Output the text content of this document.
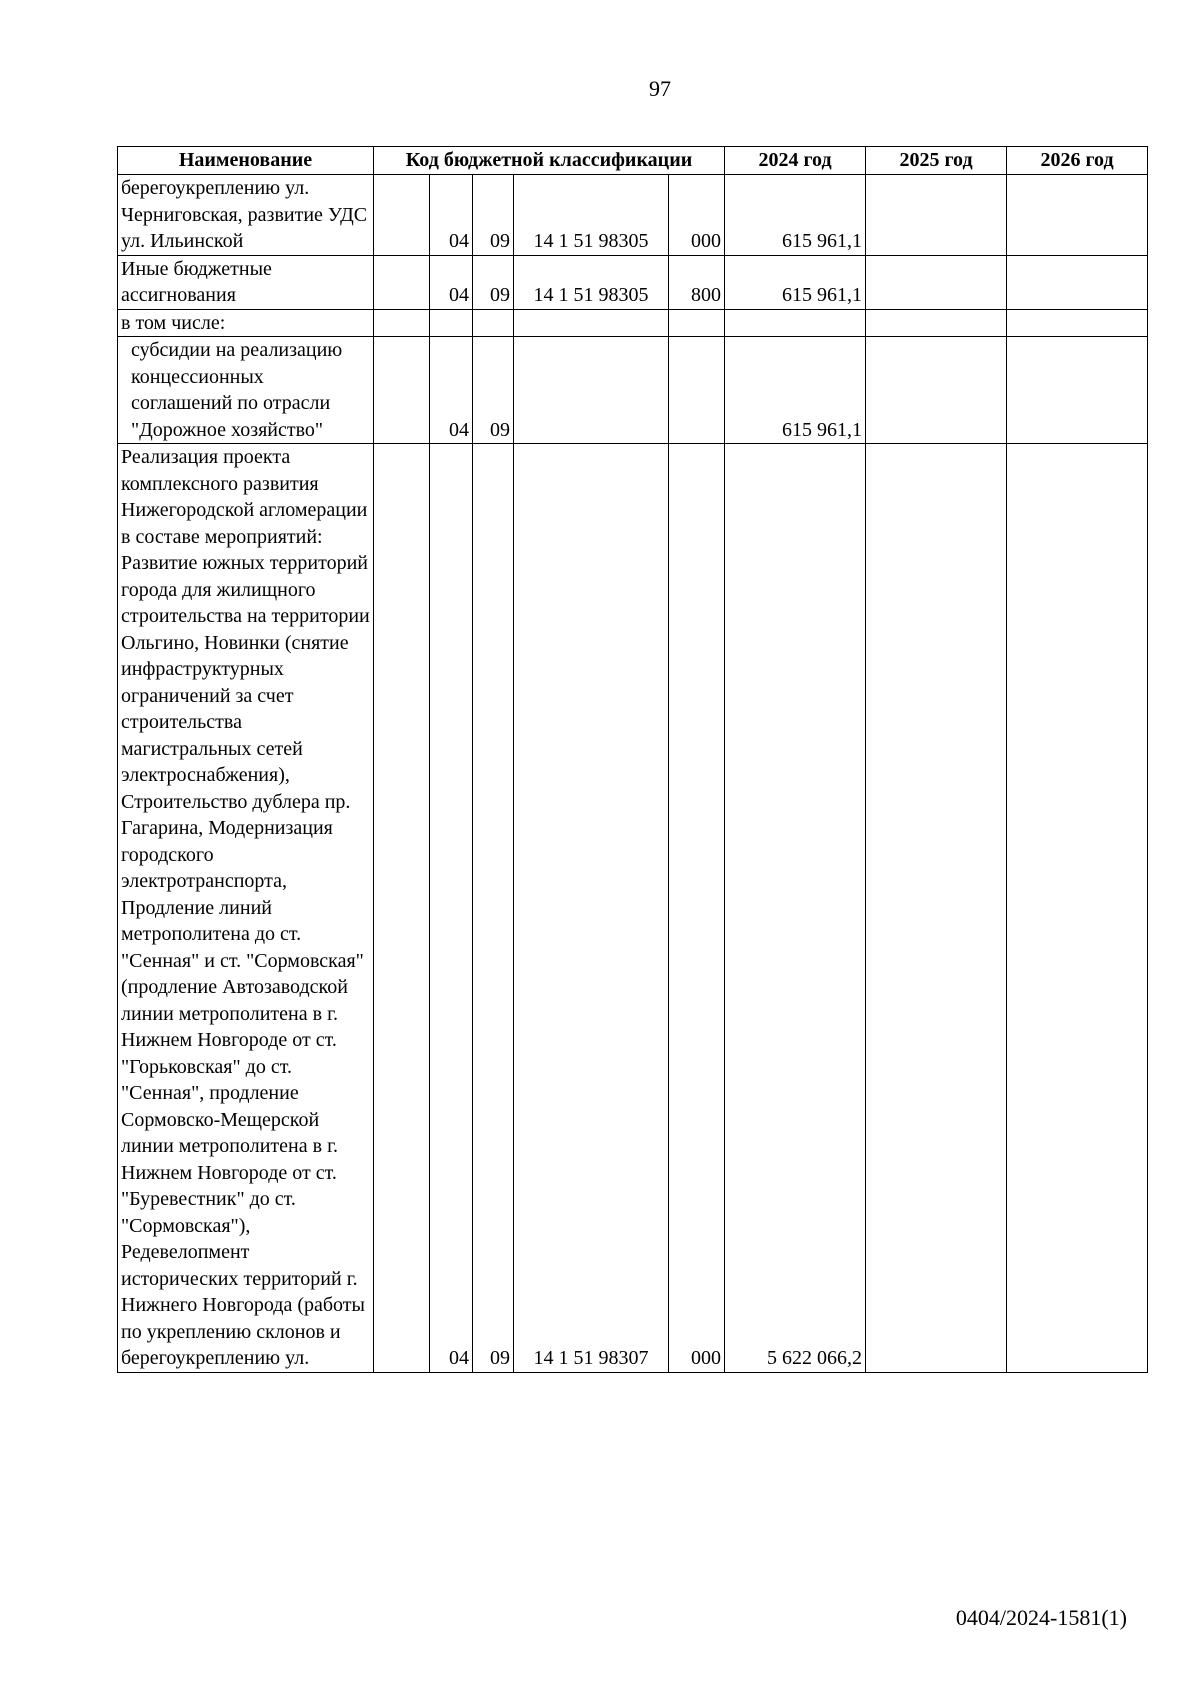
97
Наименование	Код бюджетной классификации					2024 год	2025 год	2026 год
берегоукреплению ул. Черниговская, развитие УДС ул. Ильинской		04	09	14 1 51 98305	000	615 961,1		
Иные бюджетные ассигнования		04	09	14 1 51 98305	800	615 961,1		
в том числе:								
субсидии на реализацию концессионных соглашений по отрасли "Дорожное хозяйство"		04	09			615 961,1		
Реализация проекта комплексного развития Нижегородской агломерации в составе мероприятий: Развитие южных территорий города для жилищного строительства на территории Ольгино, Новинки (снятие инфраструктурных ограничений за счет строительства магистральных сетей электроснабжения), Строительство дублера пр. Гагарина, Модернизация городского электротранспорта, Продление линий метрополитена до ст. "Сенная" и ст. "Сормовская" (продление Автозаводской линии метрополитена в г. Нижнем Новгороде от ст. "Горьковская" до ст. "Сенная", продление Сормовско-Мещерской линии метрополитена в г. Нижнем Новгороде от ст. "Буревестник" до ст. "Сормовская"), Редевелопмент исторических территорий г. Нижнего Новгорода (работы по укреплению склонов и берегоукреплению ул.		04	09	14 1 51 98307	000	5 622 066,2		
0404/2024-1581(1)
